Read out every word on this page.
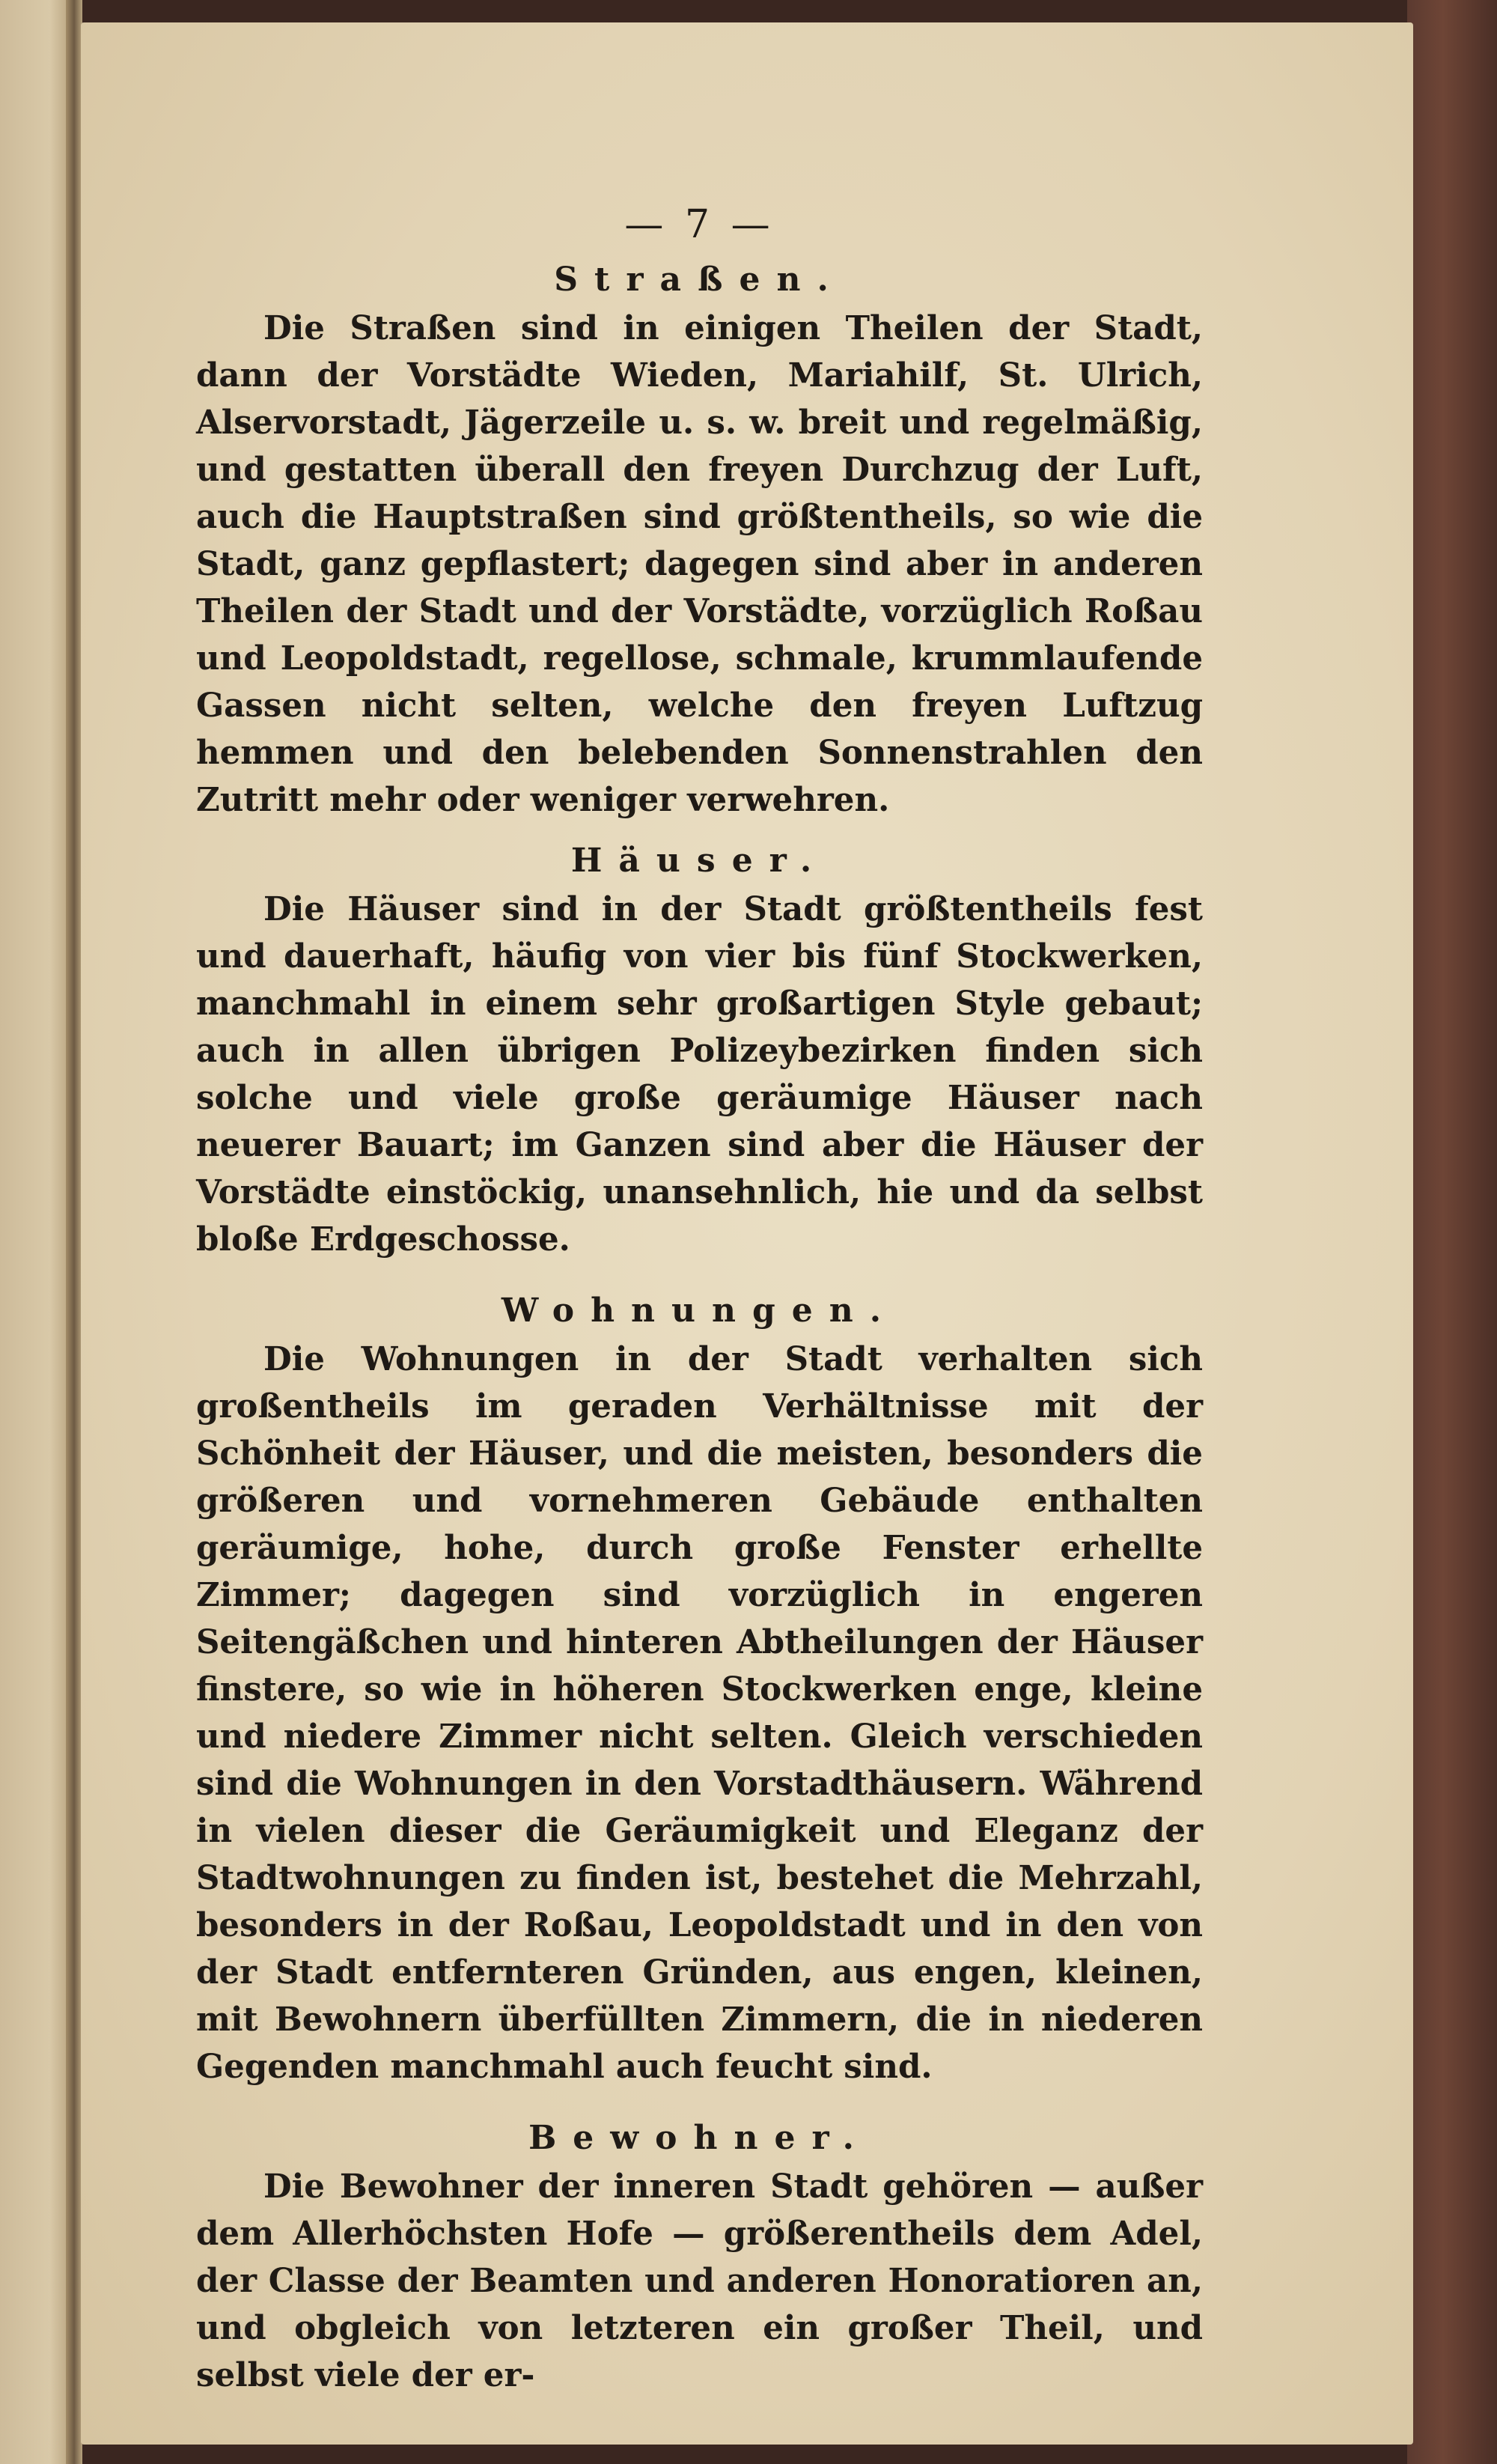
— 7 —
Straßen.

Die Straßen sind in einigen Theilen der Stadt, dann der Vorstädte Wieden, Mariahilf, St. Ulrich, Alservorstadt, Jägerzeile u. s. w. breit und regelmäßig, und gestatten überall den freyen Durchzug der Luft, auch die Hauptstraßen sind größtentheils, so wie die Stadt, ganz gepflastert; dagegen sind aber in anderen Theilen der Stadt und der Vorstädte, vorzüglich Roßau und Leopoldstadt, regellose, schmale, krummlaufende Gassen nicht selten, welche den freyen Luftzug hemmen und den belebenden Sonnenstrahlen den Zutritt mehr oder weniger verwehren.

Häuser.

Die Häuser sind in der Stadt größtentheils fest und dauerhaft, häufig von vier bis fünf Stockwerken, manchmahl in einem sehr großartigen Style gebaut; auch in allen übrigen Polizeybezirken finden sich solche und viele große geräumige Häuser nach neuerer Bauart; im Ganzen sind aber die Häuser der Vorstädte einstöckig, unansehnlich, hie und da selbst bloße Erdgeschosse.

Wohnungen.

Die Wohnungen in der Stadt verhalten sich großentheils im geraden Verhältnisse mit der Schönheit der Häuser, und die meisten, besonders die größeren und vornehmeren Gebäude enthalten geräumige, hohe, durch große Fenster erhellte Zimmer; dagegen sind vorzüglich in engeren Seitengäßchen und hinteren Abtheilungen der Häuser finstere, so wie in höheren Stockwerken enge, kleine und niedere Zimmer nicht selten. Gleich verschieden sind die Wohnungen in den Vorstadthäusern. Während in vielen dieser die Geräumigkeit und Eleganz der Stadtwohnungen zu finden ist, bestehet die Mehrzahl, besonders in der Roßau, Leopoldstadt und in den von der Stadt entfernteren Gründen, aus engen, kleinen, mit Bewohnern überfüllten Zimmern, die in niederen Gegenden manchmahl auch feucht sind.

Bewohner.

Die Bewohner der inneren Stadt gehören — außer dem Allerhöchsten Hofe — größerentheils dem Adel, der Classe der Beamten und anderen Honoratioren an, und obgleich von letzteren ein großer Theil, und selbst viele der er-
